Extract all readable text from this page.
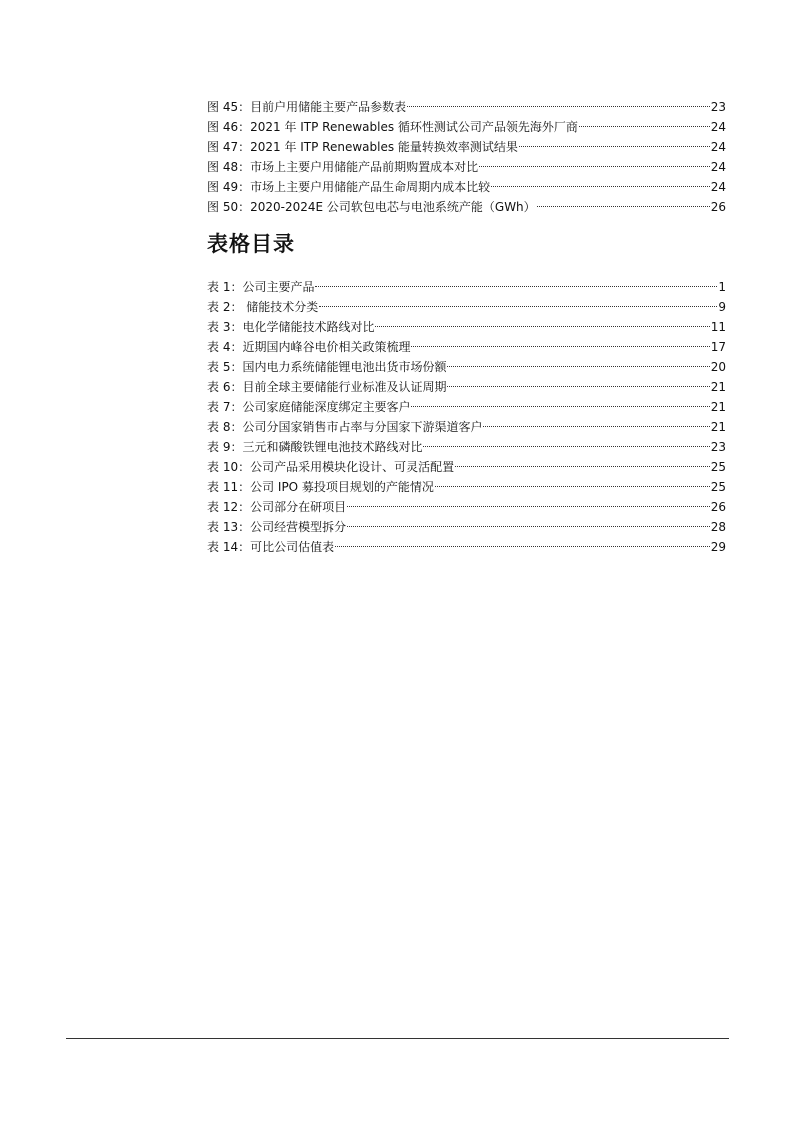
图 45：目前户用储能主要产品参数表	23
图 46：2021 年 ITP Renewables 循环性测试公司产品领先海外厂商	24
图 47：2021 年 ITP Renewables 能量转换效率测试结果	24
图 48：市场上主要户用储能产品前期购置成本对比	24
图 49：市场上主要户用储能产品生命周期内成本比较	24
图 50：2020-2024E 公司软包电芯与电池系统产能（GWh）	26
表格目录
表 1：公司主要产品	1
表 2： 储能技术分类	9
表 3：电化学储能技术路线对比	11
表 4：近期国内峰谷电价相关政策梳理	17
表 5：国内电力系统储能锂电池出货市场份额	20
表 6：目前全球主要储能行业标准及认证周期	21
表 7：公司家庭储能深度绑定主要客户	21
表 8：公司分国家销售市占率与分国家下游渠道客户	21
表 9：三元和磷酸铁锂电池技术路线对比	23
表 10：公司产品采用模块化设计、可灵活配置	25
表 11：公司 IPO 募投项目规划的产能情况	25
表 12：公司部分在研项目	26
表 13：公司经营模型拆分	28
表 14：可比公司估值表	29
